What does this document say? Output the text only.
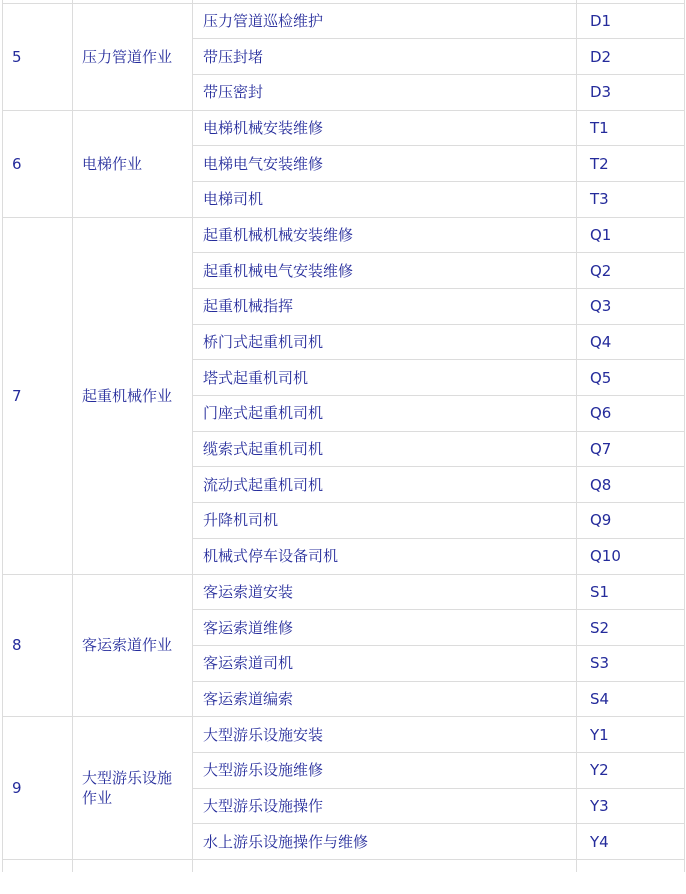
5	压力管道作业	压力管道巡检维护	D1
		带压封堵	D2
		带压密封	D3
6	电梯作业	电梯机械安装维修	T1
		电梯电气安装维修	T2
		电梯司机	T3
7	起重机械作业	起重机械机械安装维修	Q1
		起重机械电气安装维修	Q2
		起重机械指挥	Q3
		桥门式起重机司机	Q4
		塔式起重机司机	Q5
		门座式起重机司机	Q6
		缆索式起重机司机	Q7
		流动式起重机司机	Q8
		升降机司机	Q9
		机械式停车设备司机	Q10
8	客运索道作业	客运索道安装	S1
		客运索道维修	S2
		客运索道司机	S3
		客运索道编索	S4
9	大型游乐设施作业	大型游乐设施安装	Y1
		大型游乐设施维修	Y2
		大型游乐设施操作	Y3
		水上游乐设施操作与维修	Y4
